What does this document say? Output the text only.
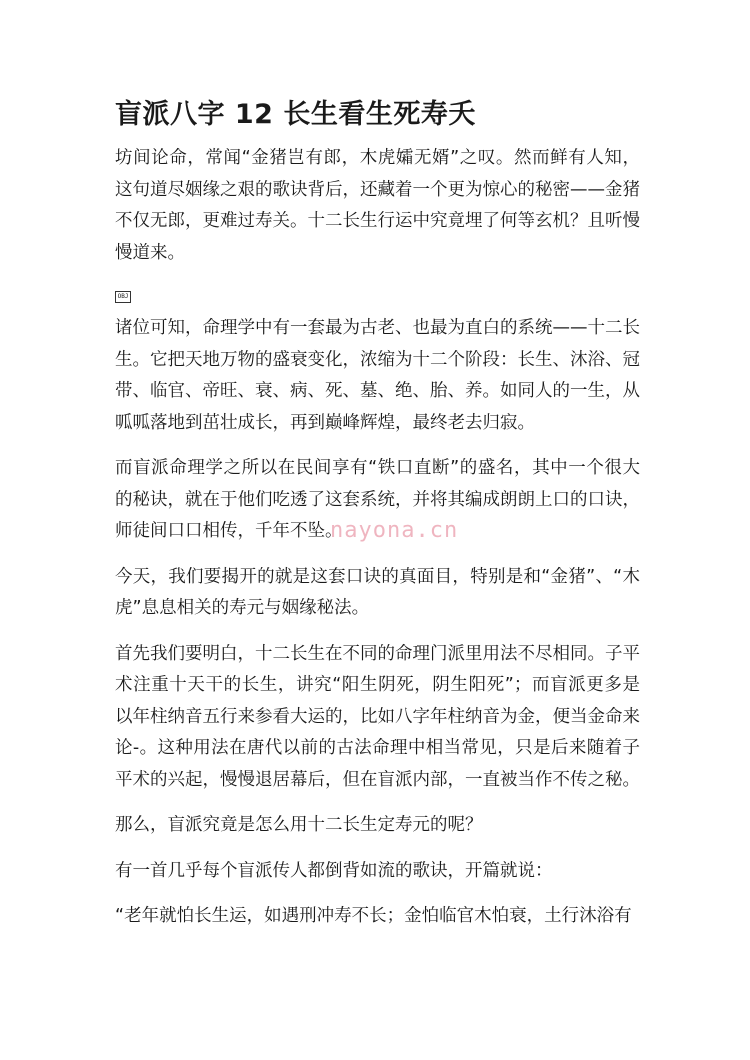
盲派八字 12 长生看生死寿夭

坊间论命，常闻“金猪岂有郎，木虎孀无婿”之叹。然而鲜有人知，这句道尽姻缘之艰的歌诀背后，还藏着一个更为惊心的秘密——金猪不仅无郎，更难过寿关。十二长生行运中究竟埋了何等玄机？且听慢慢道来。

OBJ

诸位可知，命理学中有一套最为古老、也最为直白的系统——十二长生。它把天地万物的盛衰变化，浓缩为十二个阶段：长生、沐浴、冠带、临官、帝旺、衰、病、死、墓、绝、胎、养。如同人的一生，从呱呱落地到茁壮成长，再到巅峰辉煌，最终老去归寂。

而盲派命理学之所以在民间享有“铁口直断”的盛名，其中一个很大的秘诀，就在于他们吃透了这套系统，并将其编成朗朗上口的口诀，师徒间口口相传，千年不坠。

今天，我们要揭开的就是这套口诀的真面目，特别是和“金猪”、“木虎”息息相关的寿元与姻缘秘法。

首先我们要明白，十二长生在不同的命理门派里用法不尽相同。子平术注重十天干的长生，讲究“阳生阴死，阴生阳死”；而盲派更多是以年柱纳音五行来参看大运的，比如八字年柱纳音为金，便当金命来论-。这种用法在唐代以前的古法命理中相当常见，只是后来随着子平术的兴起，慢慢退居幕后，但在盲派内部，一直被当作不传之秘。

那么，盲派究竟是怎么用十二长生定寿元的呢？

有一首几乎每个盲派传人都倒背如流的歌诀，开篇就说：

“老年就怕长生运，如遇刑冲寿不长；金怕临官木怕衰，土行沐浴有

nayona.cn
